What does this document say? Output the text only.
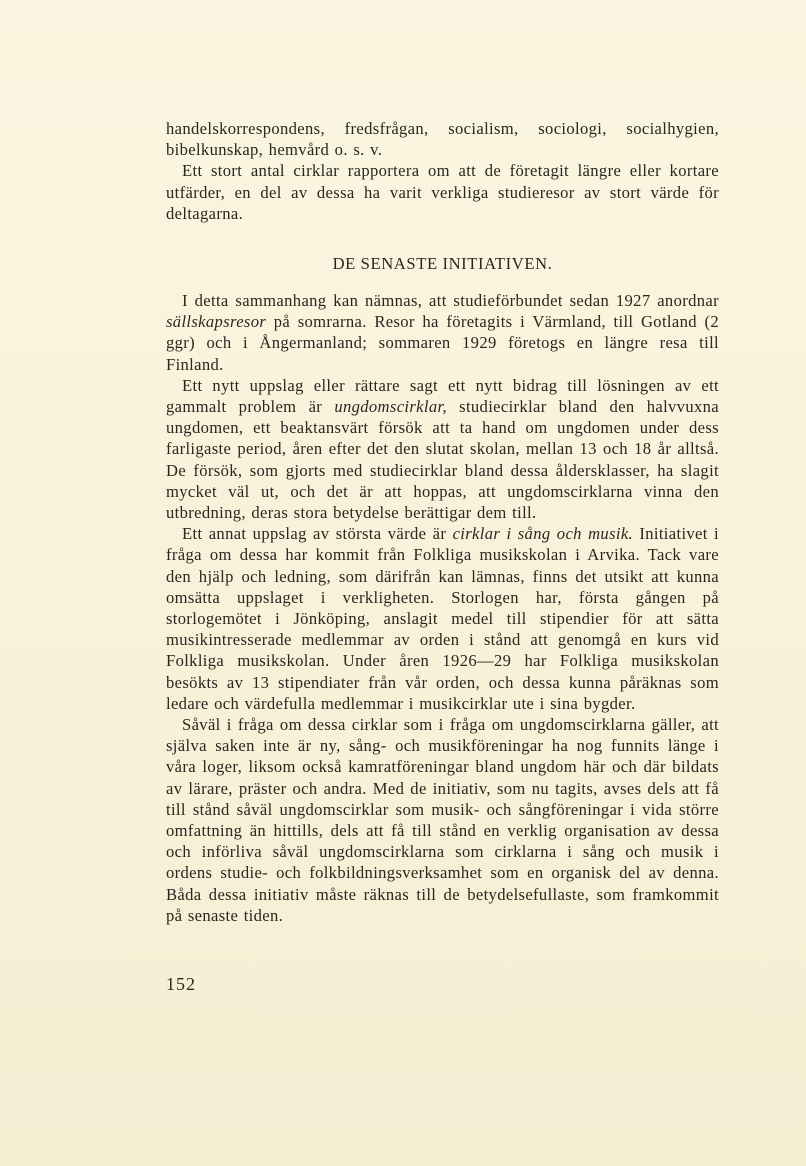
handelskorrespondens, fredsfrågan, socialism, sociologi, socialhygien, bibelkunskap, hemvård o. s. v.

Ett stort antal cirklar rapportera om att de företagit längre eller kortare utfärder, en del av dessa ha varit verkliga studieresor av stort värde för deltagarna.

DE SENASTE INITIATIVEN.

I detta sammanhang kan nämnas, att studieförbundet sedan 1927 anordnar sällskapsresor på somrarna. Resor ha företagits i Värmland, till Gotland (2 ggr) och i Ångermanland; sommaren 1929 företogs en längre resa till Finland.

Ett nytt uppslag eller rättare sagt ett nytt bidrag till lösningen av ett gammalt problem är ungdomscirklar, studiecirklar bland den halvvuxna ungdomen, ett beaktansvärt försök att ta hand om ungdomen under dess farligaste period, åren efter det den slutat skolan, mellan 13 och 18 år alltså. De försök, som gjorts med studiecirklar bland dessa åldersklasser, ha slagit mycket väl ut, och det är att hoppas, att ungdomscirklarna vinna den utbredning, deras stora betydelse berättigar dem till.

Ett annat uppslag av största värde är cirklar i sång och musik. Initiativet i fråga om dessa har kommit från Folkliga musikskolan i Arvika. Tack vare den hjälp och ledning, som därifrån kan lämnas, finns det utsikt att kunna omsätta uppslaget i verkligheten. Storlogen har, första gången på storlogemötet i Jönköping, anslagit medel till stipendier för att sätta musikintresserade medlemmar av orden i stånd att genomgå en kurs vid Folkliga musikskolan. Under åren 1926—29 har Folkliga musikskolan besökts av 13 stipendiater från vår orden, och dessa kunna påräknas som ledare och värdefulla medlemmar i musikcirklar ute i sina bygder.

Såväl i fråga om dessa cirklar som i fråga om ungdomscirklarna gäller, att själva saken inte är ny, sång- och musikföreningar ha nog funnits länge i våra loger, liksom också kamratföreningar bland ungdom här och där bildats av lärare, präster och andra. Med de initiativ, som nu tagits, avses dels att få till stånd såväl ungdomscirklar som musik- och sångföreningar i vida större omfattning än hittills, dels att få till stånd en verklig organisation av dessa och införliva såväl ungdomscirklarna som cirklarna i sång och musik i ordens studie- och folkbildningsverksamhet som en organisk del av denna. Båda dessa initiativ måste räknas till de betydelsefullaste, som framkommit på senaste tiden.

152
